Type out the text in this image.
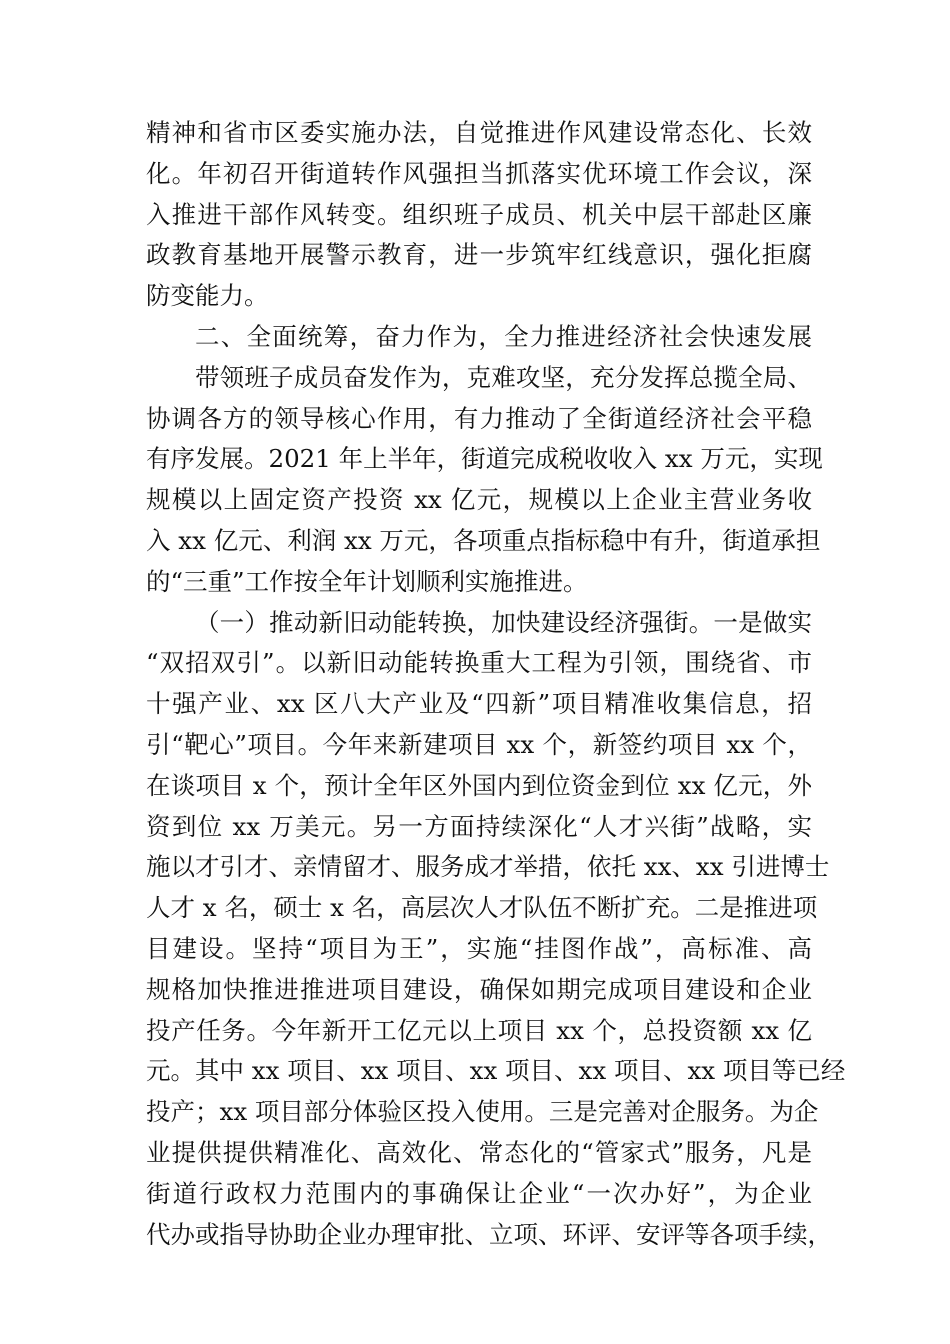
精神和省市区委实施办法，自觉推进作风建设常态化、长效
化。年初召开街道转作风强担当抓落实优环境工作会议，深
入推进干部作风转变。组织班子成员、机关中层干部赴区廉
政教育基地开展警示教育，进一步筑牢红线意识，强化拒腐
防变能力。
二、全面统筹，奋力作为，全力推进经济社会快速发展
带领班子成员奋发作为，克难攻坚，充分发挥总揽全局、
协调各方的领导核心作用，有力推动了全街道经济社会平稳
有序发展。2021 年上半年，街道完成税收收入 xx 万元，实现
规模以上固定资产投资 xx 亿元，规模以上企业主营业务收
入 xx 亿元、利润 xx 万元，各项重点指标稳中有升，街道承担
的“三重”工作按全年计划顺利实施推进。
（一）推动新旧动能转换，加快建设经济强街。一是做实
“双招双引”。以新旧动能转换重大工程为引领，围绕省、市
十强产业、xx 区八大产业及“四新”项目精准收集信息，招
引“靶心”项目。今年来新建项目 xx 个，新签约项目 xx 个，
在谈项目 x 个，预计全年区外国内到位资金到位 xx 亿元，外
资到位 xx 万美元。另一方面持续深化“人才兴街”战略，实
施以才引才、亲情留才、服务成才举措，依托 xx、xx 引进博士
人才 x 名，硕士 x 名，高层次人才队伍不断扩充。二是推进项
目建设。坚持“项目为王”，实施“挂图作战”，高标准、高
规格加快推进推进项目建设，确保如期完成项目建设和企业
投产任务。今年新开工亿元以上项目 xx 个，总投资额 xx 亿
元。其中 xx 项目、xx 项目、xx 项目、xx 项目、xx 项目等已经
投产；xx 项目部分体验区投入使用。三是完善对企服务。为企
业提供提供精准化、高效化、常态化的“管家式”服务，凡是
街道行政权力范围内的事确保让企业“一次办好”，为企业
代办或指导协助企业办理审批、立项、环评、安评等各项手续，
